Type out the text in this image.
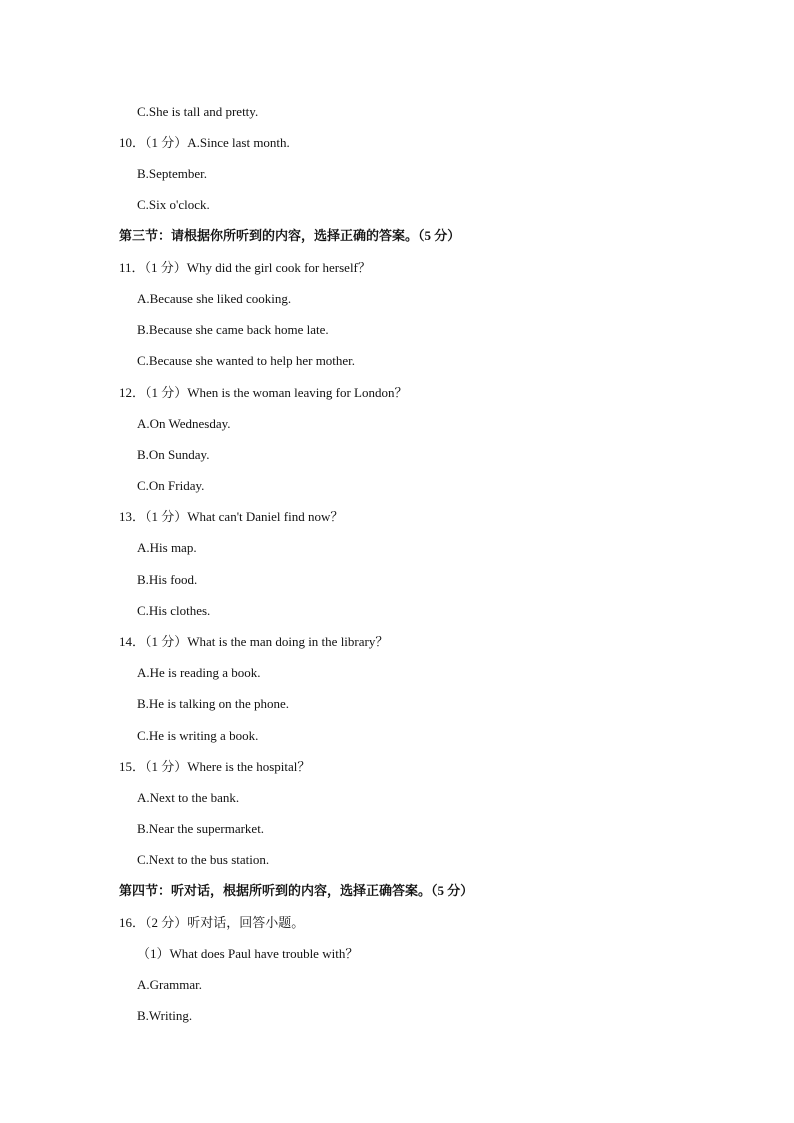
C.She is tall and pretty.
10．（1 分）A.Since last month.
B.September.
C.Six o'clock.
第三节：请根据你所听到的内容，选择正确的答案。（5 分）
11．（1 分）Why did the girl cook for herself？
A.Because she liked cooking.
B.Because she came back home late.
C.Because she wanted to help her mother.
12．（1 分）When is the woman leaving for London？
A.On Wednesday.
B.On Sunday.
C.On Friday.
13．（1 分）What can't Daniel find now？
A.His map.
B.His food.
C.His clothes.
14．（1 分）What is the man doing in the library？
A.He is reading a book.
B.He is talking on the phone.
C.He is writing a book.
15．（1 分）Where is the hospital？
A.Next to the bank.
B.Near the supermarket.
C.Next to the bus station.
第四节：听对话，根据所听到的内容，选择正确答案。（5 分）
16．（2 分）听对话，回答小题。
（1）What does Paul have trouble with？
A.Grammar.
B.Writing.
